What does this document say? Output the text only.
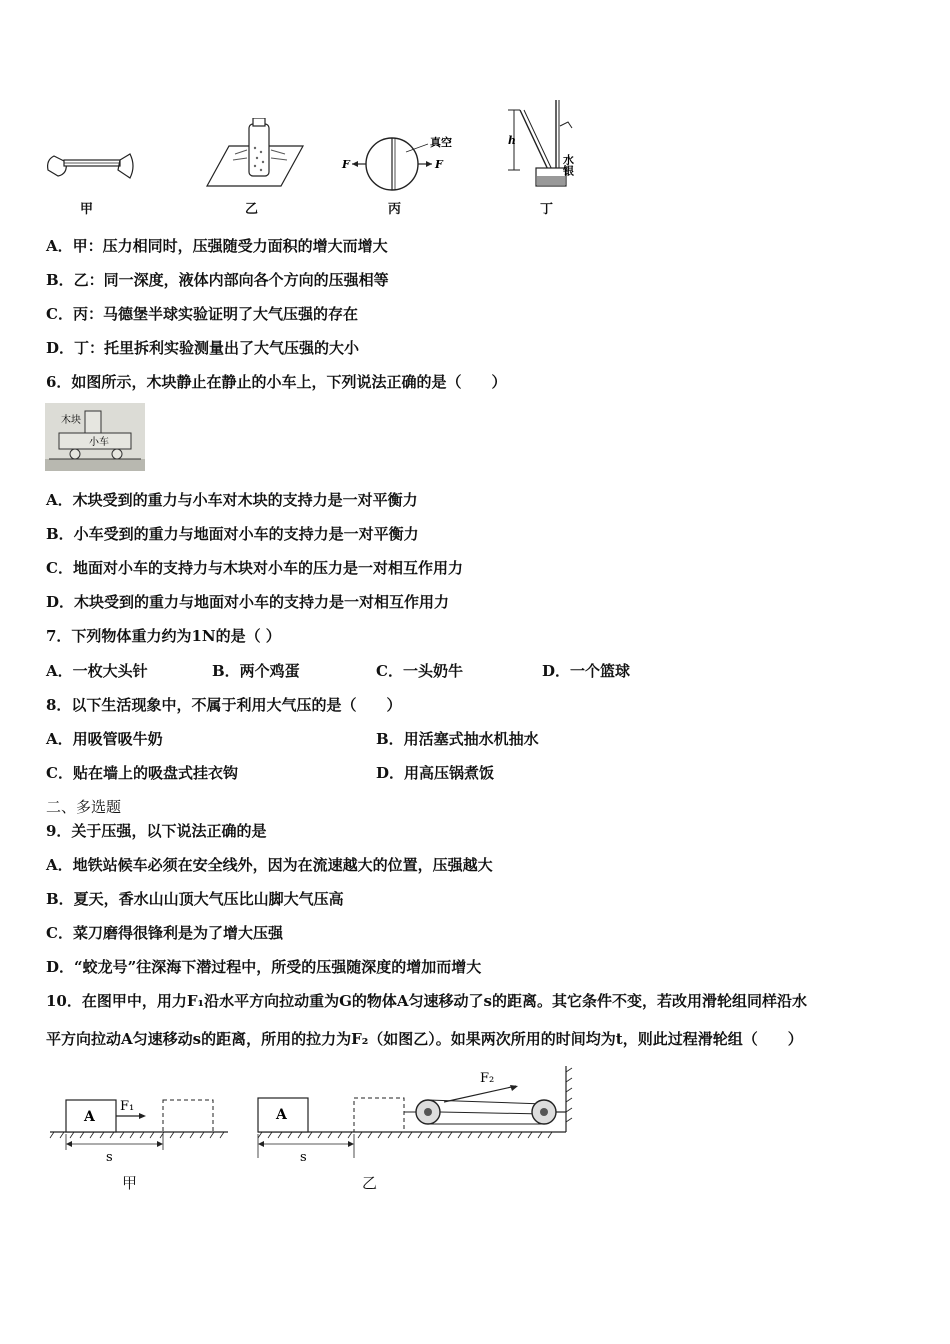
甲	乙
F	F
真空
丙
h
水银
丁
A．甲：压力相同时，压强随受力面积的增大而增大
B．乙：同一深度，液体内部向各个方向的压强相等
C．丙：马德堡半球实验证明了大气压强的存在
D．丁：托里拆利实验测量出了大气压强的大小
6．如图所示，木块静止在静止的小车上，下列说法正确的是（　　）
木块
小车
A．木块受到的重力与小车对木块的支持力是一对平衡力
B．小车受到的重力与地面对小车的支持力是一对平衡力
C．地面对小车的支持力与木块对小车的压力是一对相互作用力
D．木块受到的重力与地面对小车的支持力是一对相互作用力
7．下列物体重力约为1N的是（ ）
A．一枚大头针	B．两个鸡蛋	C．一头奶牛	D．一个篮球
8．以下生活现象中，不属于利用大气压的是（　　）
A．用吸管吸牛奶	B．用活塞式抽水机抽水
C．贴在墙上的吸盘式挂衣钩	D．用高压锅煮饭
二、多选题
9．关于压强，以下说法正确的是
A．地铁站候车必须在安全线外，因为在流速越大的位置，压强越大
B．夏天，香水山山顶大气压比山脚大气压高
C．菜刀磨得很锋利是为了增大压强
D．“蛟龙号”往深海下潜过程中，所受的压强随深度的增加而增大
10．在图甲中，用力F₁沿水平方向拉动重为G的物体A匀速移动了s的距离。其它条件不变，若改用滑轮组同样沿水
平方向拉动A匀速移动s的距离，所用的拉力为F₂（如图乙）。如果两次所用的时间均为t，则此过程滑轮组（　　）
A
F₁
s
甲
A
F₂
s
乙
